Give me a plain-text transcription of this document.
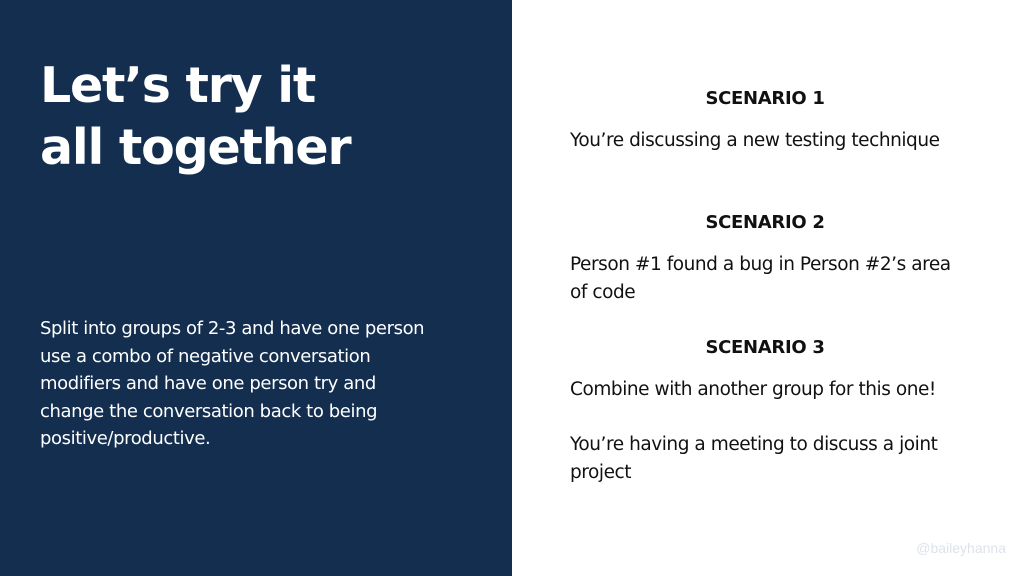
Let’s try it
all together

Split into groups of 2-3 and have one person use a combo of negative conversation modifiers and have one person try and change the conversation back to being positive/productive.

SCENARIO 1

You’re discussing a new testing technique

SCENARIO 2

Person #1 found a bug in Person #2’s area of code

SCENARIO 3

Combine with another group for this one!

You’re having a meeting to discuss a joint project

@baileyhanna
